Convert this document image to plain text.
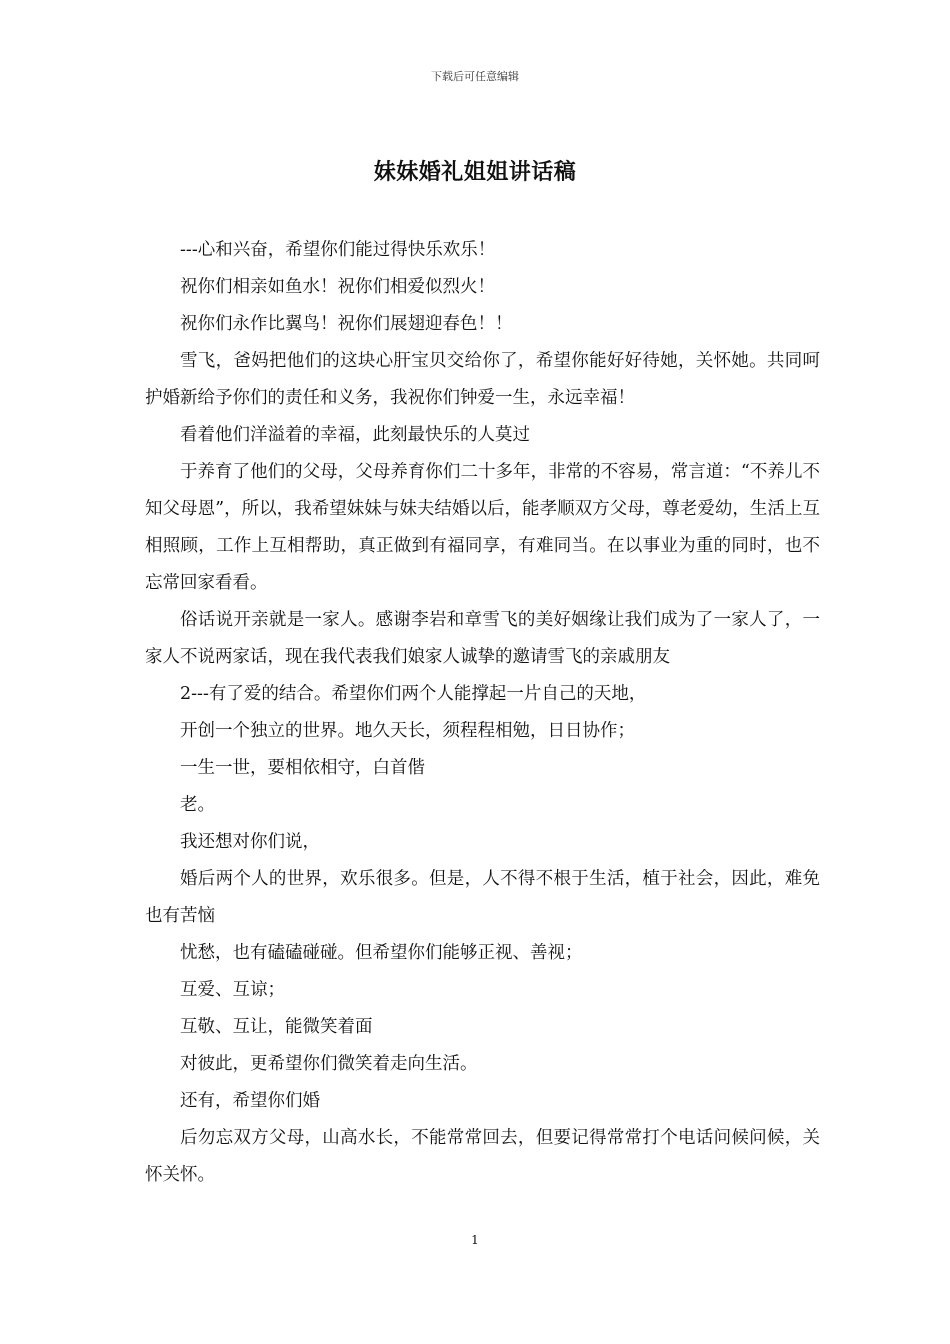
下载后可任意编辑
妹妹婚礼姐姐讲话稿

---心和兴奋，希望你们能过得快乐欢乐！

祝你们相亲如鱼水！祝你们相爱似烈火！

祝你们永作比翼鸟！祝你们展翅迎春色！！

雪飞，爸妈把他们的这块心肝宝贝交给你了，希望你能好好待她，关怀她。共同呵护婚新给予你们的责任和义务，我祝你们钟爱一生，永远幸福！

看着他们洋溢着的幸福，此刻最快乐的人莫过

于养育了他们的父母，父母养育你们二十多年，非常的不容易，常言道：“不养儿不知父母恩”，所以，我希望妹妹与妹夫结婚以后，能孝顺双方父母，尊老爱幼，生活上互相照顾，工作上互相帮助，真正做到有福同享，有难同当。在以事业为重的同时，也不忘常回家看看。

俗话说开亲就是一家人。感谢李岩和章雪飞的美好姻缘让我们成为了一家人了，一家人不说两家话，现在我代表我们娘家人诚挚的邀请雪飞的亲戚朋友

2---有了爱的结合。希望你们两个人能撑起一片自己的天地，

开创一个独立的世界。地久天长，须程程相勉，日日协作；

一生一世，要相依相守，白首偕

老。

我还想对你们说，

婚后两个人的世界，欢乐很多。但是，人不得不根于生活，植于社会，因此，难免也有苦恼

忧愁，也有磕磕碰碰。但希望你们能够正视、善视；

互爱、互谅；

互敬、互让，能微笑着面

对彼此，更希望你们微笑着走向生活。

还有，希望你们婚

后勿忘双方父母，山高水长，不能常常回去，但要记得常常打个电话问候问候，关怀关怀。

1
